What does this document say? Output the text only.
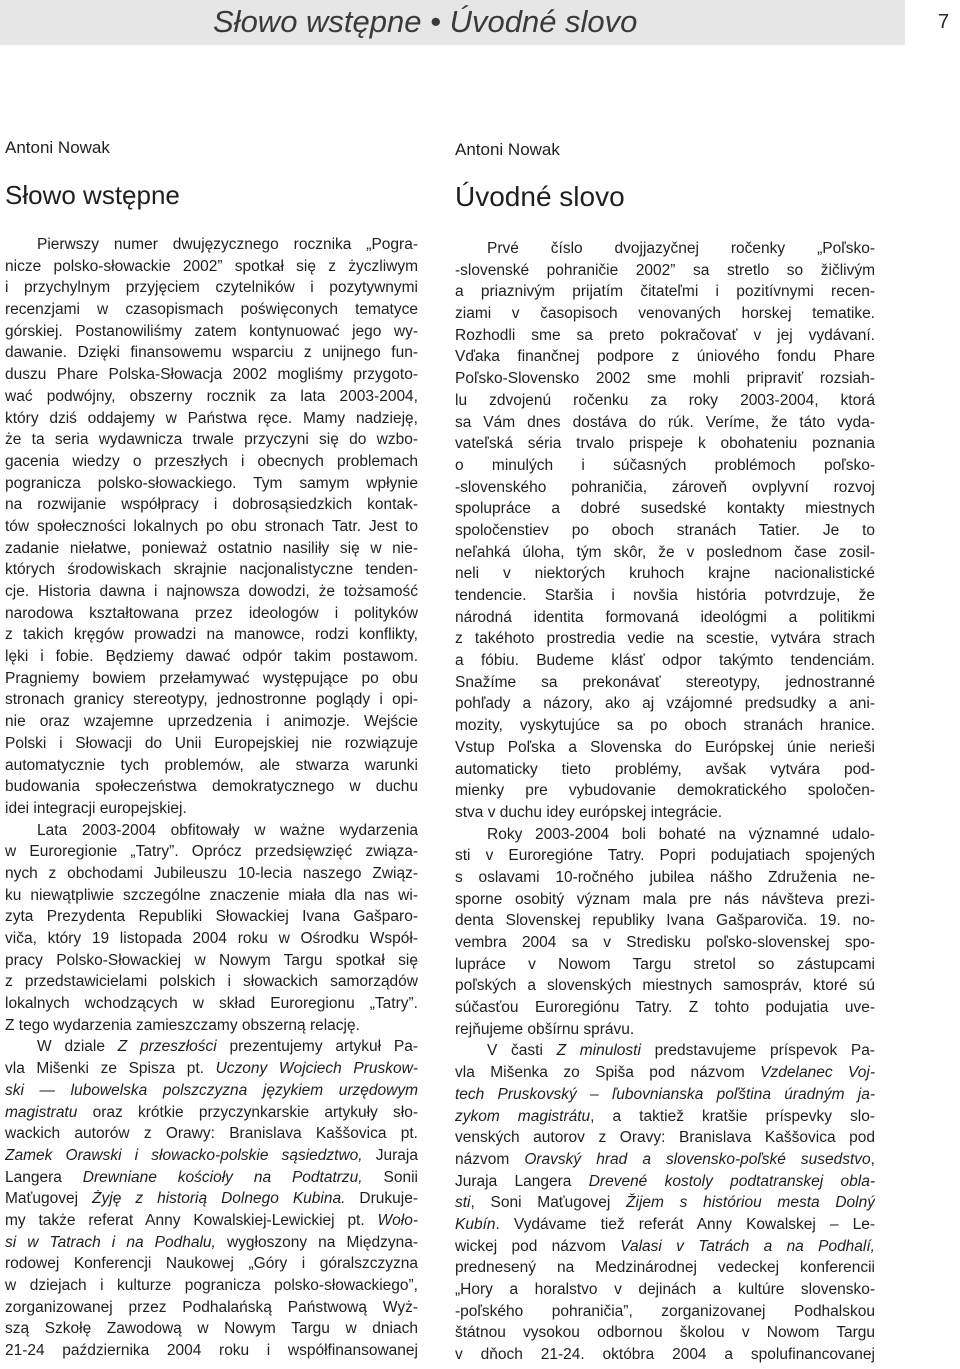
Słowo wstępne • Úvodné slovo	7
Antoni Nowak
Słowo wstępne
Pierwszy numer dwujęzycznego rocznika „Pogra-
nicze polsko-słowackie 2002” spotkał się z życzliwym
i przychylnym przyjęciem czytelników i pozytywnymi
recenzjami w czasopismach poświęconych tematyce
górskiej. Postanowiliśmy zatem kontynuować jego wy-
dawanie. Dzięki finansowemu wsparciu z unijnego fun-
duszu Phare Polska-Słowacja 2002 mogliśmy przygoto-
wać podwójny, obszerny rocznik za lata 2003-2004,
który dziś oddajemy w Państwa ręce. Mamy nadzieję,
że ta seria wydawnicza trwale przyczyni się do wzbo-
gacenia wiedzy o przeszłych i obecnych problemach
pogranicza polsko-słowackiego. Tym samym wpłynie
na rozwijanie współpracy i dobrosąsiedzkich kontak-
tów społeczności lokalnych po obu stronach Tatr. Jest to
zadanie niełatwe, ponieważ ostatnio nasiliły się w nie-
których środowiskach skrajnie nacjonalistyczne tenden-
cje. Historia dawna i najnowsza dowodzi, że tożsamość
narodowa kształtowana przez ideologów i polityków
z takich kręgów prowadzi na manowce, rodzi konflikty,
lęki i fobie. Będziemy dawać odpór takim postawom.
Pragniemy bowiem przełamywać występujące po obu
stronach granicy stereotypy, jednostronne poglądy i opi-
nie oraz wzajemne uprzedzenia i animozje. Wejście
Polski i Słowacji do Unii Europejskiej nie rozwiązuje
automatycznie tych problemów, ale stwarza warunki
budowania społeczeństwa demokratycznego w duchu
idei integracji europejskiej.
Lata 2003-2004 obfitowały w ważne wydarzenia
w Euroregionie „Tatry”. Oprócz przedsięwzięć związa-
nych z obchodami Jubileuszu 10-lecia naszego Związ-
ku niewątpliwie szczególne znaczenie miała dla nas wi-
zyta Prezydenta Republiki Słowackiej Ivana Gašparo-
viča, który 19 listopada 2004 roku w Ośrodku Współ-
pracy Polsko-Słowackiej w Nowym Targu spotkał się
z przedstawicielami polskich i słowackich samorządów
lokalnych wchodzących w skład Euroregionu „Tatry”.
Z tego wydarzenia zamieszczamy obszerną relację.
W dziale Z przeszłości prezentujemy artykuł Pa-
vla Mišenki ze Spisza pt. Uczony Wojciech Pruskow-
ski — lubowelska polszczyzna językiem urzędowym
magistratu oraz krótkie przyczynkarskie artykuły sło-
wackich autorów z Orawy: Branislava Kaššovica pt.
Zamek Orawski i słowacko-polskie sąsiedztwo, Juraja
Langera Drewniane kościoły na Podtatrzu, Sonii
Maťugovej Żyję z historią Dolnego Kubina. Drukuje-
my także referat Anny Kowalskiej-Lewickiej pt. Woło-
si w Tatrach i na Podhalu, wygłoszony na Międzyna-
rodowej Konferencji Naukowej „Góry i góralszczyzna
w dziejach i kulturze pogranicza polsko-słowackiego”,
zorganizowanej przez Podhalańską Państwową Wyż-
szą Szkołę Zawodową w Nowym Targu w dniach
21-24 października 2004 roku i współfinansowanej
Antoni Nowak
Úvodné slovo
Prvé číslo dvojjazyčnej ročenky „Poľsko-
-slovenské pohraničie 2002” sa stretlo so žičlivým
a priaznivým prijatím čitateľmi i pozitívnymi recen-
ziami v časopisoch venovaných horskej tematike.
Rozhodli sme sa preto pokračovať v jej vydávaní.
Vďaka finančnej podpore z úniového fondu Phare
Poľsko-Slovensko 2002 sme mohli pripraviť rozsiah-
lu zdvojenú ročenku za roky 2003-2004, ktorá
sa Vám dnes dostáva do rúk. Veríme, že táto vyda-
vateľská séria trvalo prispeje k obohateniu poznania
o minulých i súčasných problémoch poľsko-
-slovenského pohraničia, zároveň ovplyvní rozvoj
spolupráce a dobré susedské kontakty miestnych
spoločenstiev po oboch stranách Tatier. Je to
neľahká úloha, tým skôr, že v poslednom čase zosil-
neli v niektorých kruhoch krajne nacionalistické
tendencie. Staršia i novšia história potvrdzuje, že
národná identita formovaná ideológmi a politikmi
z takéhoto prostredia vedie na scestie, vytvára strach
a fóbiu. Budeme klásť odpor takýmto tendenciám.
Snažíme sa prekonávať stereotypy, jednostranné
pohľady a názory, ako aj vzájomné predsudky a ani-
mozity, vyskytujúce sa po oboch stranách hranice.
Vstup Poľska a Slovenska do Európskej únie nerieši
automaticky tieto problémy, avšak vytvára pod-
mienky pre vybudovanie demokratického spoločen-
stva v duchu idey európskej integrácie.
Roky 2003-2004 boli bohaté na významné udalo-
sti v Euroregióne Tatry. Popri podujatiach spojených
s oslavami 10-ročného jubilea nášho Združenia ne-
sporne osobitý význam mala pre nás návšteva prezi-
denta Slovenskej republiky Ivana Gašparoviča. 19. no-
vembra 2004 sa v Stredisku poľsko-slovenskej spo-
lupráce v Nowom Targu stretol so zástupcami
poľských a slovenských miestnych samospráv, ktoré sú
súčasťou Euroregiónu Tatry. Z tohto podujatia uve-
rejňujeme obšírnu správu.
V časti Z minulosti predstavujeme príspevok Pa-
vla Mišenka zo Spiša pod názvom Vzdelanec Voj-
tech Pruskovský – ľubovnianska poľština úradným ja-
zykom magistrátu, a taktiež kratšie príspevky slo-
venských autorov z Oravy: Branislava Kaššovica pod
názvom Oravský hrad a slovensko-poľské susedstvo,
Juraja Langera Drevené kostoly podtatranskej obla-
sti, Soni Maťugovej Žijem s históriou mesta Dolný
Kubín. Vydávame tiež referát Anny Kowalskej – Le-
wickej pod názvom Valasi v Tatrách a na Podhalí,
prednesený na Medzinárodnej vedeckej konferencii
„Hory a horalstvo v dejinách a kultúre slovensko-
-poľského pohraničia”, zorganizovanej Podhalskou
štátnou vysokou odbornou školou v Nowom Targu
v dňoch 21-24. októbra 2004 a spolufinancovanej
